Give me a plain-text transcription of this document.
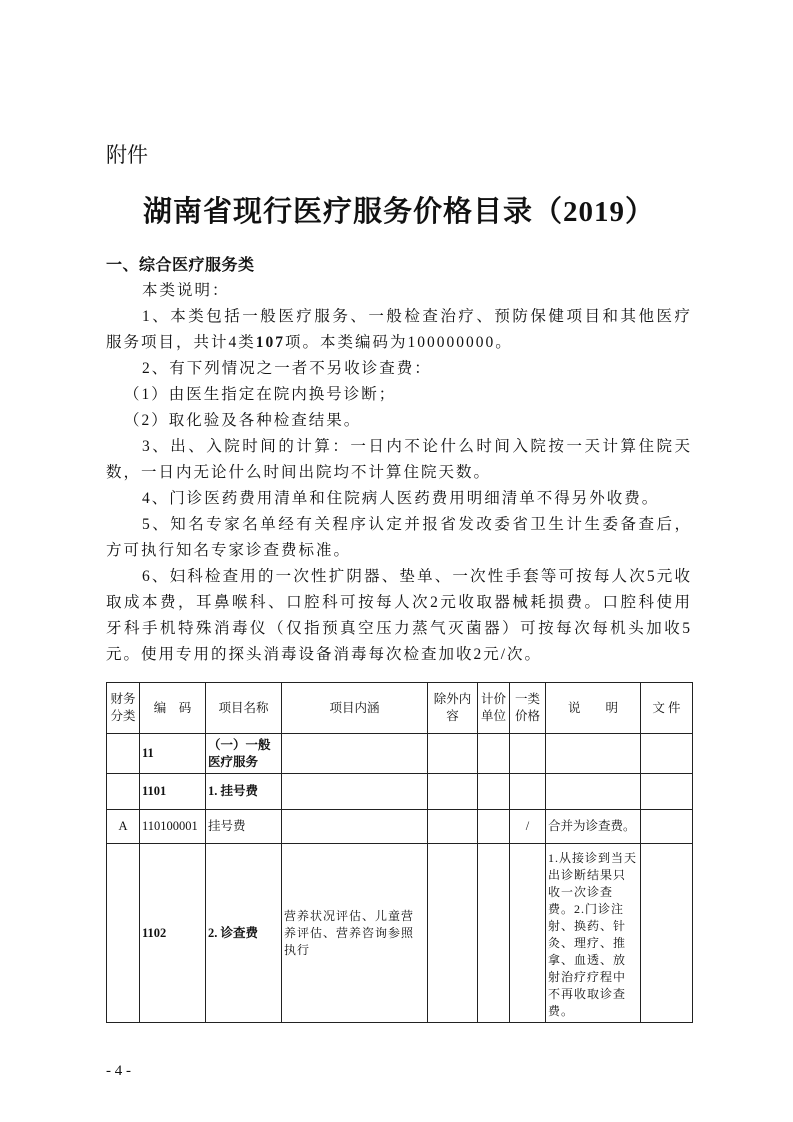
附件
湖南省现行医疗服务价格目录（2019）

一、综合医疗服务类

本类说明：

1、本类包括一般医疗服务、一般检查治疗、预防保健项目和其他医疗服务项目，共计4类107项。本类编码为100000000。

2、有下列情况之一者不另收诊查费：

（1）由医生指定在院内换号诊断；

（2）取化验及各种检查结果。

3、出、入院时间的计算：一日内不论什么时间入院按一天计算住院天数，一日内无论什么时间出院均不计算住院天数。

4、门诊医药费用清单和住院病人医药费用明细清单不得另外收费。

5、知名专家名单经有关程序认定并报省发改委省卫生计生委备查后，方可执行知名专家诊查费标准。

6、妇科检查用的一次性扩阴器、垫单、一次性手套等可按每人次5元收取成本费，耳鼻喉科、口腔科可按每人次2元收取器械耗损费。口腔科使用牙科手机特殊消毒仪（仅指预真空压力蒸气灭菌器）可按每次每机头加收5元。使用专用的探头消毒设备消毒每次检查加收2元/次。

财务分类	编　码	项目名称	项目内涵	除外内容	计价单位	一类价格	说　　明	文 件
	11	（一）一般医疗服务						
	1101	1. 挂号费						
A	110100001	挂号费				/	合并为诊查费。	
	1102	2. 诊查费	营养状况评估、儿童营养评估、营养咨询参照执行				1.从接诊到当天出诊断结果只收一次诊查费。2.门诊注射、换药、针灸、理疗、推拿、血透、放射治疗疗程中不再收取诊查费。	
- 4 -
